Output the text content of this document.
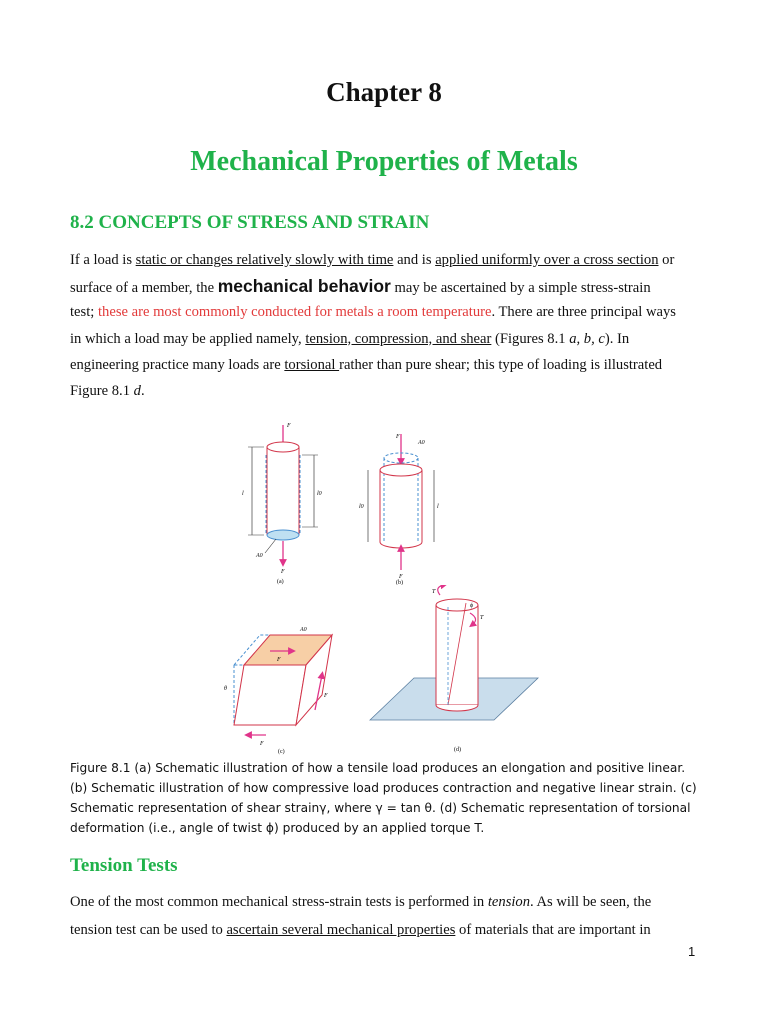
Chapter 8
Mechanical Properties of Metals
8.2 CONCEPTS OF STRESS AND STRAIN

If a load is static or changes relatively slowly with time and is applied uniformly over a cross section or
surface of a member, the mechanical behavior may be ascertained by a simple stress-strain
test; these are most commonly conducted for metals a room temperature. There are three principal ways
in which a load may be applied namely, tension, compression, and shear (Figures 8.1 a, b, c). In
engineering practice many loads are torsional rather than pure shear; this type of loading is illustrated
Figure 8.1 d.

F
l	l0
A0
F
(a)
F
A0
l0	l
F
(b)
F
F
F
A0
θ
(c)
T
T
ϕ
(d)

Figure 8.1 (a) Schematic illustration of how a tensile load produces an elongation and positive linear.
(b) Schematic illustration of how compressive load produces contraction and negative linear strain. (c)
Schematic representation of shear strainγ, where γ = tan θ. (d) Schematic representation of torsional
deformation (i.e., angle of twist ϕ) produced by an applied torque T.

Tension Tests

One of the most common mechanical stress-strain tests is performed in tension. As will be seen, the
tension test can be used to ascertain several mechanical properties of materials that are important in

1
